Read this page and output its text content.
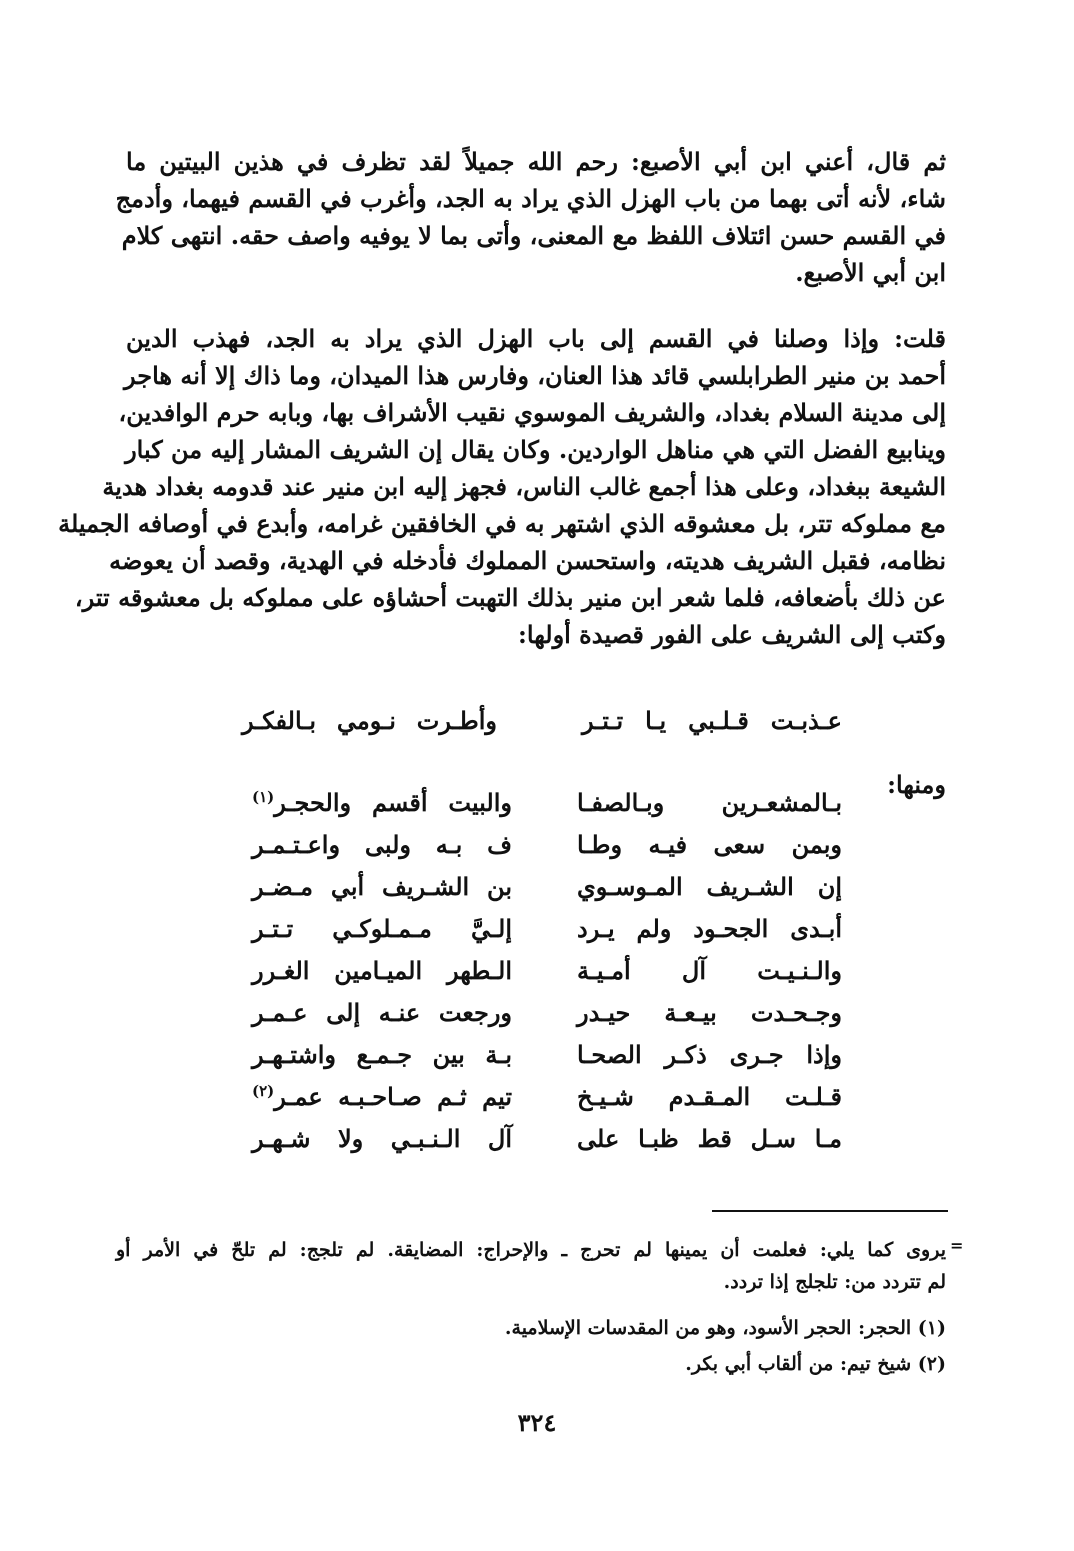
ثم قال، أعني ابن أبي الأصبع: رحم الله جميلاً لقد تظرف في هذين البيتين ما
شاء، لأنه أتى بهما من باب الهزل الذي يراد به الجد، وأغرب في القسم فيهما، وأدمج
في القسم حسن ائتلاف اللفظ مع المعنى، وأتى بما لا يوفيه واصف حقه. انتهى كلام
ابن أبي الأصبع.
قلت: وإذا وصلنا في القسم إلى باب الهزل الذي يراد به الجد، فهذب الدين
أحمد بن منير الطرابلسي قائد هذا العنان، وفارس هذا الميدان، وما ذاك إلا أنه هاجر
إلى مدينة السلام بغداد، والشريف الموسوي نقيب الأشراف بها، وبابه حرم الوافدين،
وينابيع الفضل التي هي مناهل الواردين. وكان يقال إن الشريف المشار إليه من كبار
الشيعة ببغداد، وعلى هذا أجمع غالب الناس، فجهز إليه ابن منير عند قدومه بغداد هدية
مع مملوكه تتر، بل معشوقه الذي اشتهر به في الخافقين غرامه، وأبدع في أوصافه الجميلة
نظامه، فقبل الشريف هديته، واستحسن المملوك فأدخله في الهدية، وقصد أن يعوضه
عن ذلك بأضعافه، فلما شعر ابن منير بذلك التهبت أحشاؤه على مملوكه بل معشوقه تتر،
وكتب إلى الشريف على الفور قصيدة أولها:
عـذبـت قـلـبي يـا تـتـر
وأطـرت نـومي بـالفكـر
ومنها:
بـالمشعـرين وبـالصفـا
والبيت أقسم والحجـر$^{(١)}$
وبمن سعى فيـه وطـا
ف بـه ولبى واعـتـمـر
إن الشـريف المـوسـوي
بن الشـريف أبي مـضـر
أبـدى الجحـود ولم يـرد
إلـيَّ مـمـلوكـي تـتـر
والـنـيـت آل أمـيـة
الـطهر الميـامين الغـرر
وجـحـدت بيـعـة حيـدر
ورجعت عنـه إلى عـمـر
وإذا جـرى ذكـر الصحـا
بـة بين جـمـع واشتـهـر
قـلـت المـقـدم شـيـخ
تيم ثـم صـاحـبـه عمـر$^{(٢)}$
مـا سـل قط ظبـا على
آل الـنـبـي ولا شـهـر
=
يروى كما يلي: فعلمت أن يمينها لم تحرج ـ والإحراج: المضايقة. لم تلجج: لم تلحّ في الأمر أو
لم تتردد من: تلجلج إذا تردد.
(١) الحجر: الحجر الأسود، وهو من المقدسات الإسلامية.
(٢) شيخ تيم: من ألقاب أبي بكر.
٣٢٤
